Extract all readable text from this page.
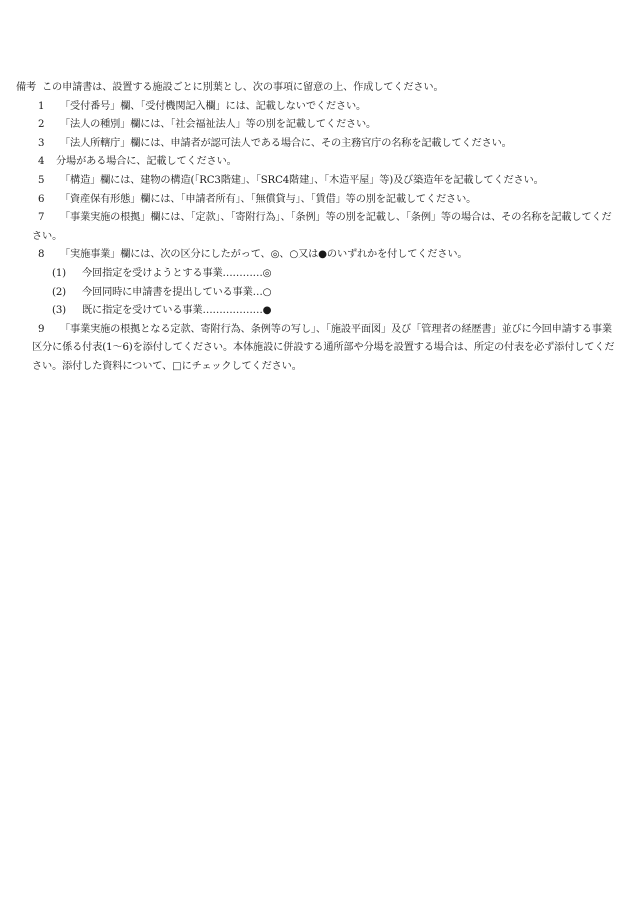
備考 この申請書は、設置する施設ごとに別葉とし、次の事項に留意の上、作成してください。
1	「受付番号」欄、「受付機関記入欄」には、記載しないでください。
2	「法人の種別」欄には、「社会福祉法人」等の別を記載してください。
3	「法人所轄庁」欄には、申請者が認可法人である場合に、その主務官庁の名称を記載してください。
4	分場がある場合に、記載してください。
5	「構造」欄には、建物の構造(「RC3階建」、「SRC4階建」、「木造平屋」等)及び築造年を記載してください。
6	「資産保有形態」欄には、「申請者所有」、「無償貸与」、「賃借」等の別を記載してください。
7	「事業実施の根拠」欄には、「定款」、「寄附行為」、「条例」等の別を記載し、「条例」等の場合は、その名称を記載してください。
8	「実施事業」欄には、次の区分にしたがって、◎、○又は●のいずれかを付してください。
(1)	今回指定を受けようとする事業…………◎
(2)	今回同時に申請書を提出している事業…○
(3)	既に指定を受けている事業………………●
9	「事業実施の根拠となる定款、寄附行為、条例等の写し」、「施設平面図」及び「管理者の経歴書」並びに今回申請する事業区分に係る付表(1〜6)を添付してください。本体施設に併設する通所部や分場を設置する場合は、所定の付表を必ず添付してください。添付した資料について、□にチェックしてください。
